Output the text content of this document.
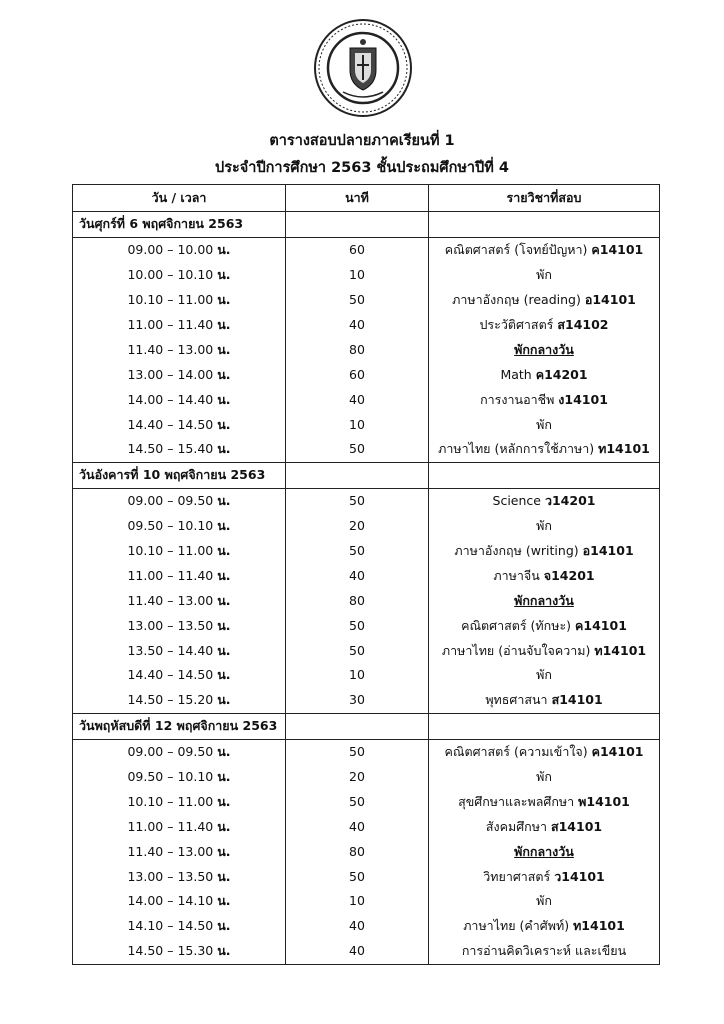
ตารางสอบปลายภาคเรียนที่ 1
ประจำปีการศึกษา 2563 ชั้นประถมศึกษาปีที่ 4
วัน / เวลา	นาที	รายวิชาที่สอบ
วันศุกร์ที่ 6 พฤศจิกายน 2563		
09.00 – 10.00 น.	60	คณิตศาสตร์ (โจทย์ปัญหา) ค14101
10.00 – 10.10 น.	10	พัก
10.10 – 11.00 น.	50	ภาษาอังกฤษ (reading) อ14101
11.00 – 11.40 น.	40	ประวัติศาสตร์ ส14102
11.40 – 13.00 น.	80	พักกลางวัน
13.00 – 14.00 น.	60	Math ค14201
14.00 – 14.40 น.	40	การงานอาชีพ ง14101
14.40 – 14.50 น.	10	พัก
14.50 – 15.40 น.	50	ภาษาไทย (หลักการใช้ภาษา) ท14101
วันอังคารที่ 10 พฤศจิกายน 2563		
09.00 – 09.50 น.	50	Science ว14201
09.50 – 10.10 น.	20	พัก
10.10 – 11.00 น.	50	ภาษาอังกฤษ (writing) อ14101
11.00 – 11.40 น.	40	ภาษาจีน จ14201
11.40 – 13.00 น.	80	พักกลางวัน
13.00 – 13.50 น.	50	คณิตศาสตร์ (ทักษะ) ค14101
13.50 – 14.40 น.	50	ภาษาไทย (อ่านจับใจความ) ท14101
14.40 – 14.50 น.	10	พัก
14.50 – 15.20 น.	30	พุทธศาสนา ส14101
วันพฤหัสบดีที่ 12 พฤศจิกายน 2563		
09.00 – 09.50 น.	50	คณิตศาสตร์ (ความเข้าใจ) ค14101
09.50 – 10.10 น.	20	พัก
10.10 – 11.00 น.	50	สุขศึกษาและพลศึกษา พ14101
11.00 – 11.40 น.	40	สังคมศึกษา ส14101
11.40 – 13.00 น.	80	พักกลางวัน
13.00 – 13.50 น.	50	วิทยาศาสตร์ ว14101
14.00 – 14.10 น.	10	พัก
14.10 – 14.50 น.	40	ภาษาไทย (คำศัพท์) ท14101
14.50 – 15.30 น.	40	การอ่านคิดวิเคราะห์ และเขียน
